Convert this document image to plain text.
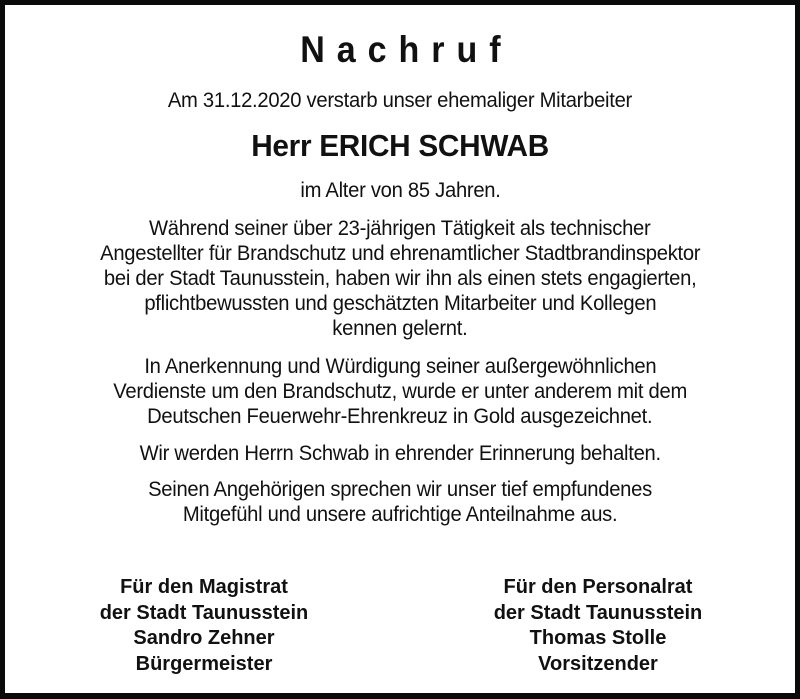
Nachruf
Am 31.12.2020 verstarb unser ehemaliger Mitarbeiter
Herr ERICH SCHWAB
im Alter von 85 Jahren.
Während seiner über 23-jährigen Tätigkeit als technischer
Angestellter für Brandschutz und ehrenamtlicher Stadtbrandinspektor
bei der Stadt Taunusstein, haben wir ihn als einen stets engagierten,
pflichtbewussten und geschätzten Mitarbeiter und Kollegen
kennen gelernt.
In Anerkennung und Würdigung seiner außergewöhnlichen
Verdienste um den Brandschutz, wurde er unter anderem mit dem
Deutschen Feuerwehr-Ehrenkreuz in Gold ausgezeichnet.
Wir werden Herrn Schwab in ehrender Erinnerung behalten.
Seinen Angehörigen sprechen wir unser tief empfundenes
Mitgefühl und unsere aufrichtige Anteilnahme aus.
Für den Magistrat
der Stadt Taunusstein
Sandro Zehner
Bürgermeister
Für den Personalrat
der Stadt Taunusstein
Thomas Stolle
Vorsitzender
